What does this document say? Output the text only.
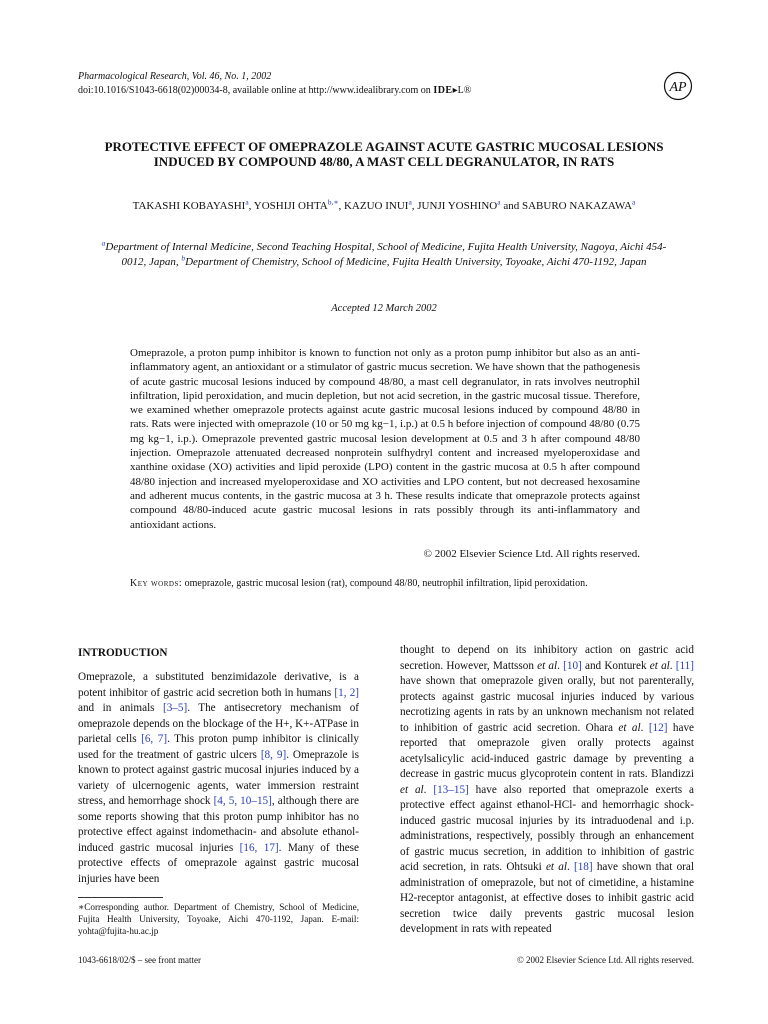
Pharmacological Research, Vol. 46, No. 1, 2002
doi:10.1016/S1043-6618(02)00034-8, available online at http://www.idealibrary.com on IDE▸L®	AP
PROTECTIVE EFFECT OF OMEPRAZOLE AGAINST ACUTE GASTRIC MUCOSAL LESIONS INDUCED BY COMPOUND 48/80, A MAST CELL DEGRANULATOR, IN RATS
TAKASHI KOBAYASHI$^a$, YOSHIJI $OHTA^{b,∗}$, KAZUO INUI$^a$, JUNJI YOSHINO$^a$ and SABURO NAKAZAWA$^a$
$^a$Department of Internal Medicine, Second Teaching Hospital, School of Medicine, Fujita Health University, Nagoya, Aichi 454-0012, Japan, $^b$Department of Chemistry, School of Medicine, Fujita Health University, Toyoake, Aichi 470-1192, Japan
Accepted 12 March 2002

Omeprazole, a proton pump inhibitor is known to function not only as a proton pump inhibitor but also as an anti-inflammatory agent, an antioxidant or a stimulator of gastric mucus secretion. We have shown that the pathogenesis of acute gastric mucosal lesions induced by compound 48/80, a mast cell degranulator, in rats involves neutrophil infiltration, lipid peroxidation, and mucin depletion, but not acid secretion, in the gastric mucosal tissue. Therefore, we examined whether omeprazole protects against acute gastric mucosal lesions induced by compound 48/80 in rats. Rats were injected with omeprazole (10 or 50 mg kg−1, i.p.) at 0.5 h before injection of compound 48/80 (0.75 mg kg−1, i.p.). Omeprazole prevented gastric mucosal lesion development at 0.5 and 3 h after compound 48/80 injection. Omeprazole attenuated decreased nonprotein sulfhydryl content and increased myeloperoxidase and xanthine oxidase (XO) activities and lipid peroxide (LPO) content in the gastric mucosa at 0.5 h after compound 48/80 injection and increased myeloperoxidase and XO activities and LPO content, but not decreased hexosamine and adherent mucus contents, in the gastric mucosa at 3 h. These results indicate that omeprazole protects against compound 48/80-induced acute gastric mucosal lesions in rats possibly through its anti-inflammatory and antioxidant actions.

© 2002 Elsevier Science Ltd. All rights reserved.
Key words: omeprazole, gastric mucosal lesion (rat), compound 48/80, neutrophil infiltration, lipid peroxidation.
INTRODUCTION

Omeprazole, a substituted benzimidazole derivative, is a potent inhibitor of gastric acid secretion both in humans [1, 2] and in animals [3–5]. The antisecretory mechanism of omeprazole depends on the blockage of the H+, K+-ATPase in parietal cells [6, 7]. This proton pump inhibitor is clinically used for the treatment of gastric ulcers [8, 9]. Omeprazole is known to protect against gastric mucosal injuries induced by a variety of ulcernogenic agents, water immersion restraint stress, and hemorrhage shock [4, 5, 10–15], although there are some reports showing that this proton pump inhibitor has no protective effect against indomethacin- and absolute ethanol-induced gastric mucosal injuries [16, 17]. Many of these protective effects of omeprazole against gastric mucosal injuries have been

thought to depend on its inhibitory action on gastric acid secretion. However, Mattsson et al. [10] and Konturek et al. [11] have shown that omeprazole given orally, but not parenterally, protects against gastric mucosal injuries induced by various necrotizing agents in rats by an unknown mechanism not related to inhibition of gastric acid secretion. Ohara et al. [12] have reported that omeprazole given orally protects against acetylsalicylic acid-induced gastric damage by preventing a decrease in gastric mucus glycoprotein content in rats. Blandizzi et al. [13–15] have also reported that omeprazole exerts a protective effect against ethanol-HCl- and hemorrhagic shock-induced gastric mucosal injuries by its intraduodenal and i.p. administrations, respectively, possibly through an enhancement of gastric mucus secretion, in addition to inhibition of gastric acid secretion, in rats. Ohtsuki et al. [18] have shown that oral administration of omeprazole, but not of cimetidine, a histamine H2-receptor antagonist, at effective doses to inhibit gastric acid secretion twice daily prevents gastric mucosal lesion development in rats with repeated

∗Corresponding author. Department of Chemistry, School of Medicine, Fujita Health University, Toyoake, Aichi 470-1192, Japan. E-mail: yohta@fujita-hu.ac.jp
1043-6618/02/$ – see front matter	© 2002 Elsevier Science Ltd. All rights reserved.
